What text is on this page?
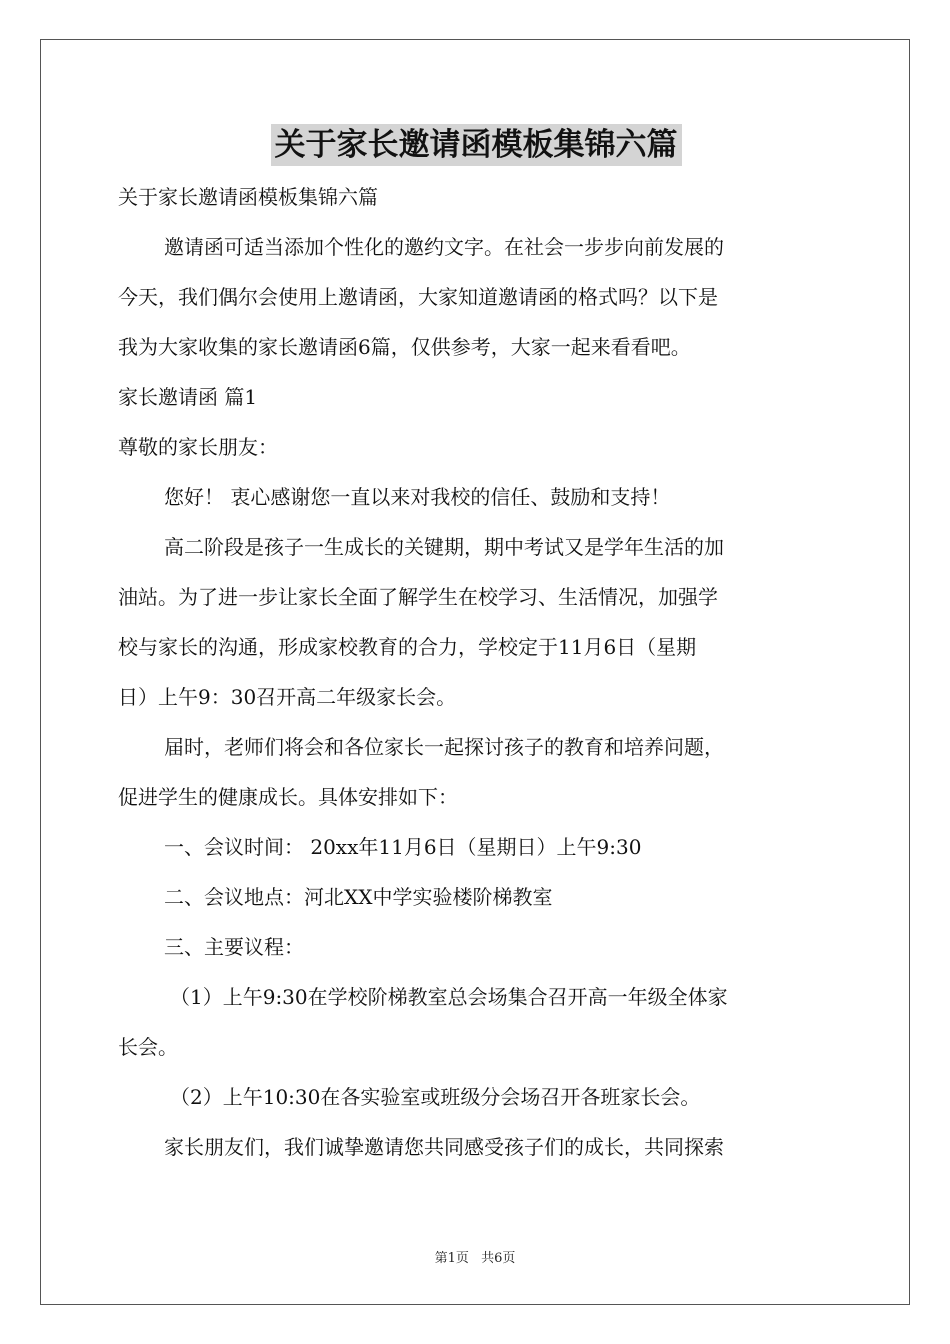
关于家长邀请函模板集锦六篇

关于家长邀请函模板集锦六篇

邀请函可适当添加个性化的邀约文字。在社会一步步向前发展的
今天，我们偶尔会使用上邀请函，大家知道邀请函的格式吗？以下是
我为大家收集的家长邀请函6篇，仅供参考，大家一起来看看吧。

家长邀请函 篇1

尊敬的家长朋友：

您好！ 衷心感谢您一直以来对我校的信任、鼓励和支持！

高二阶段是孩子一生成长的关键期，期中考试又是学年生活的加
油站。为了进一步让家长全面了解学生在校学习、生活情况，加强学
校与家长的沟通，形成家校教育的合力，学校定于11月6日（星期
日）上午9：30召开高二年级家长会。

届时，老师们将会和各位家长一起探讨孩子的教育和培养问题，
促进学生的健康成长。具体安排如下：

一、会议时间： 20xx年11月6日（星期日）上午9:30

二、会议地点：河北XX中学实验楼阶梯教室

三、主要议程：

（1）上午9:30在学校阶梯教室总会场集合召开高一年级全体家
长会。

（2）上午10:30在各实验室或班级分会场召开各班家长会。

家长朋友们，我们诚挚邀请您共同感受孩子们的成长，共同探索

第1页 共6页
